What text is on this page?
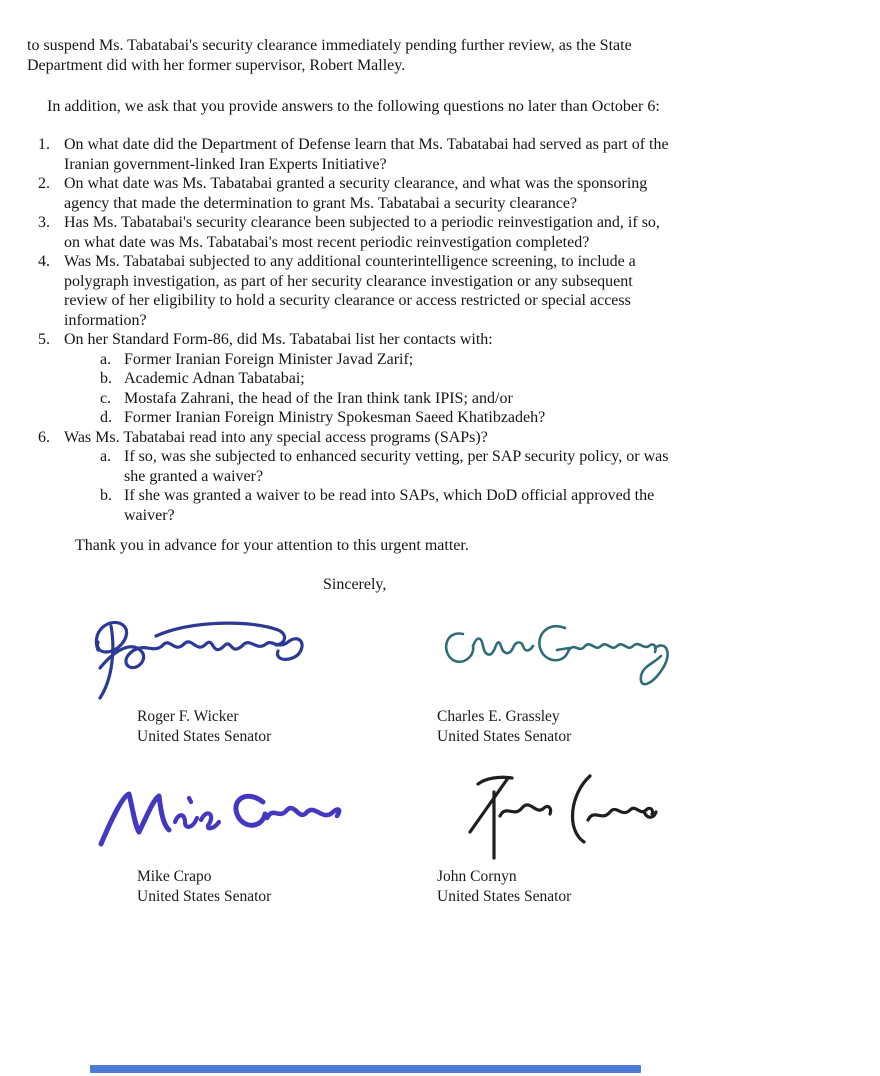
to suspend Ms. Tabatabai's security clearance immediately pending further review, as the State
Department did with her former supervisor, Robert Malley.
In addition, we ask that you provide answers to the following questions no later than October 6:
1. On what date did the Department of Defense learn that Ms. Tabatabai had served as part of the
Iranian government-linked Iran Experts Initiative?
2. On what date was Ms. Tabatabai granted a security clearance, and what was the sponsoring
agency that made the determination to grant Ms. Tabatabai a security clearance?
3. Has Ms. Tabatabai's security clearance been subjected to a periodic reinvestigation and, if so,
on what date was Ms. Tabatabai's most recent periodic reinvestigation completed?
4. Was Ms. Tabatabai subjected to any additional counterintelligence screening, to include a
polygraph investigation, as part of her security clearance investigation or any subsequent
review of her eligibility to hold a security clearance or access restricted or special access
information?
5. On her Standard Form-86, did Ms. Tabatabai list her contacts with:
a. Former Iranian Foreign Minister Javad Zarif;
b. Academic Adnan Tabatabai;
c. Mostafa Zahrani, the head of the Iran think tank IPIS; and/or
d. Former Iranian Foreign Ministry Spokesman Saeed Khatibzadeh?
6. Was Ms. Tabatabai read into any special access programs (SAPs)?
a. If so, was she subjected to enhanced security vetting, per SAP security policy, or was
she granted a waiver?
b. If she was granted a waiver to be read into SAPs, which DoD official approved the
waiver?
Thank you in advance for your attention to this urgent matter.
Sincerely,
Roger F. Wicker
United States Senator
Charles E. Grassley
United States Senator
Mike Crapo
United States Senator
John Cornyn
United States Senator
